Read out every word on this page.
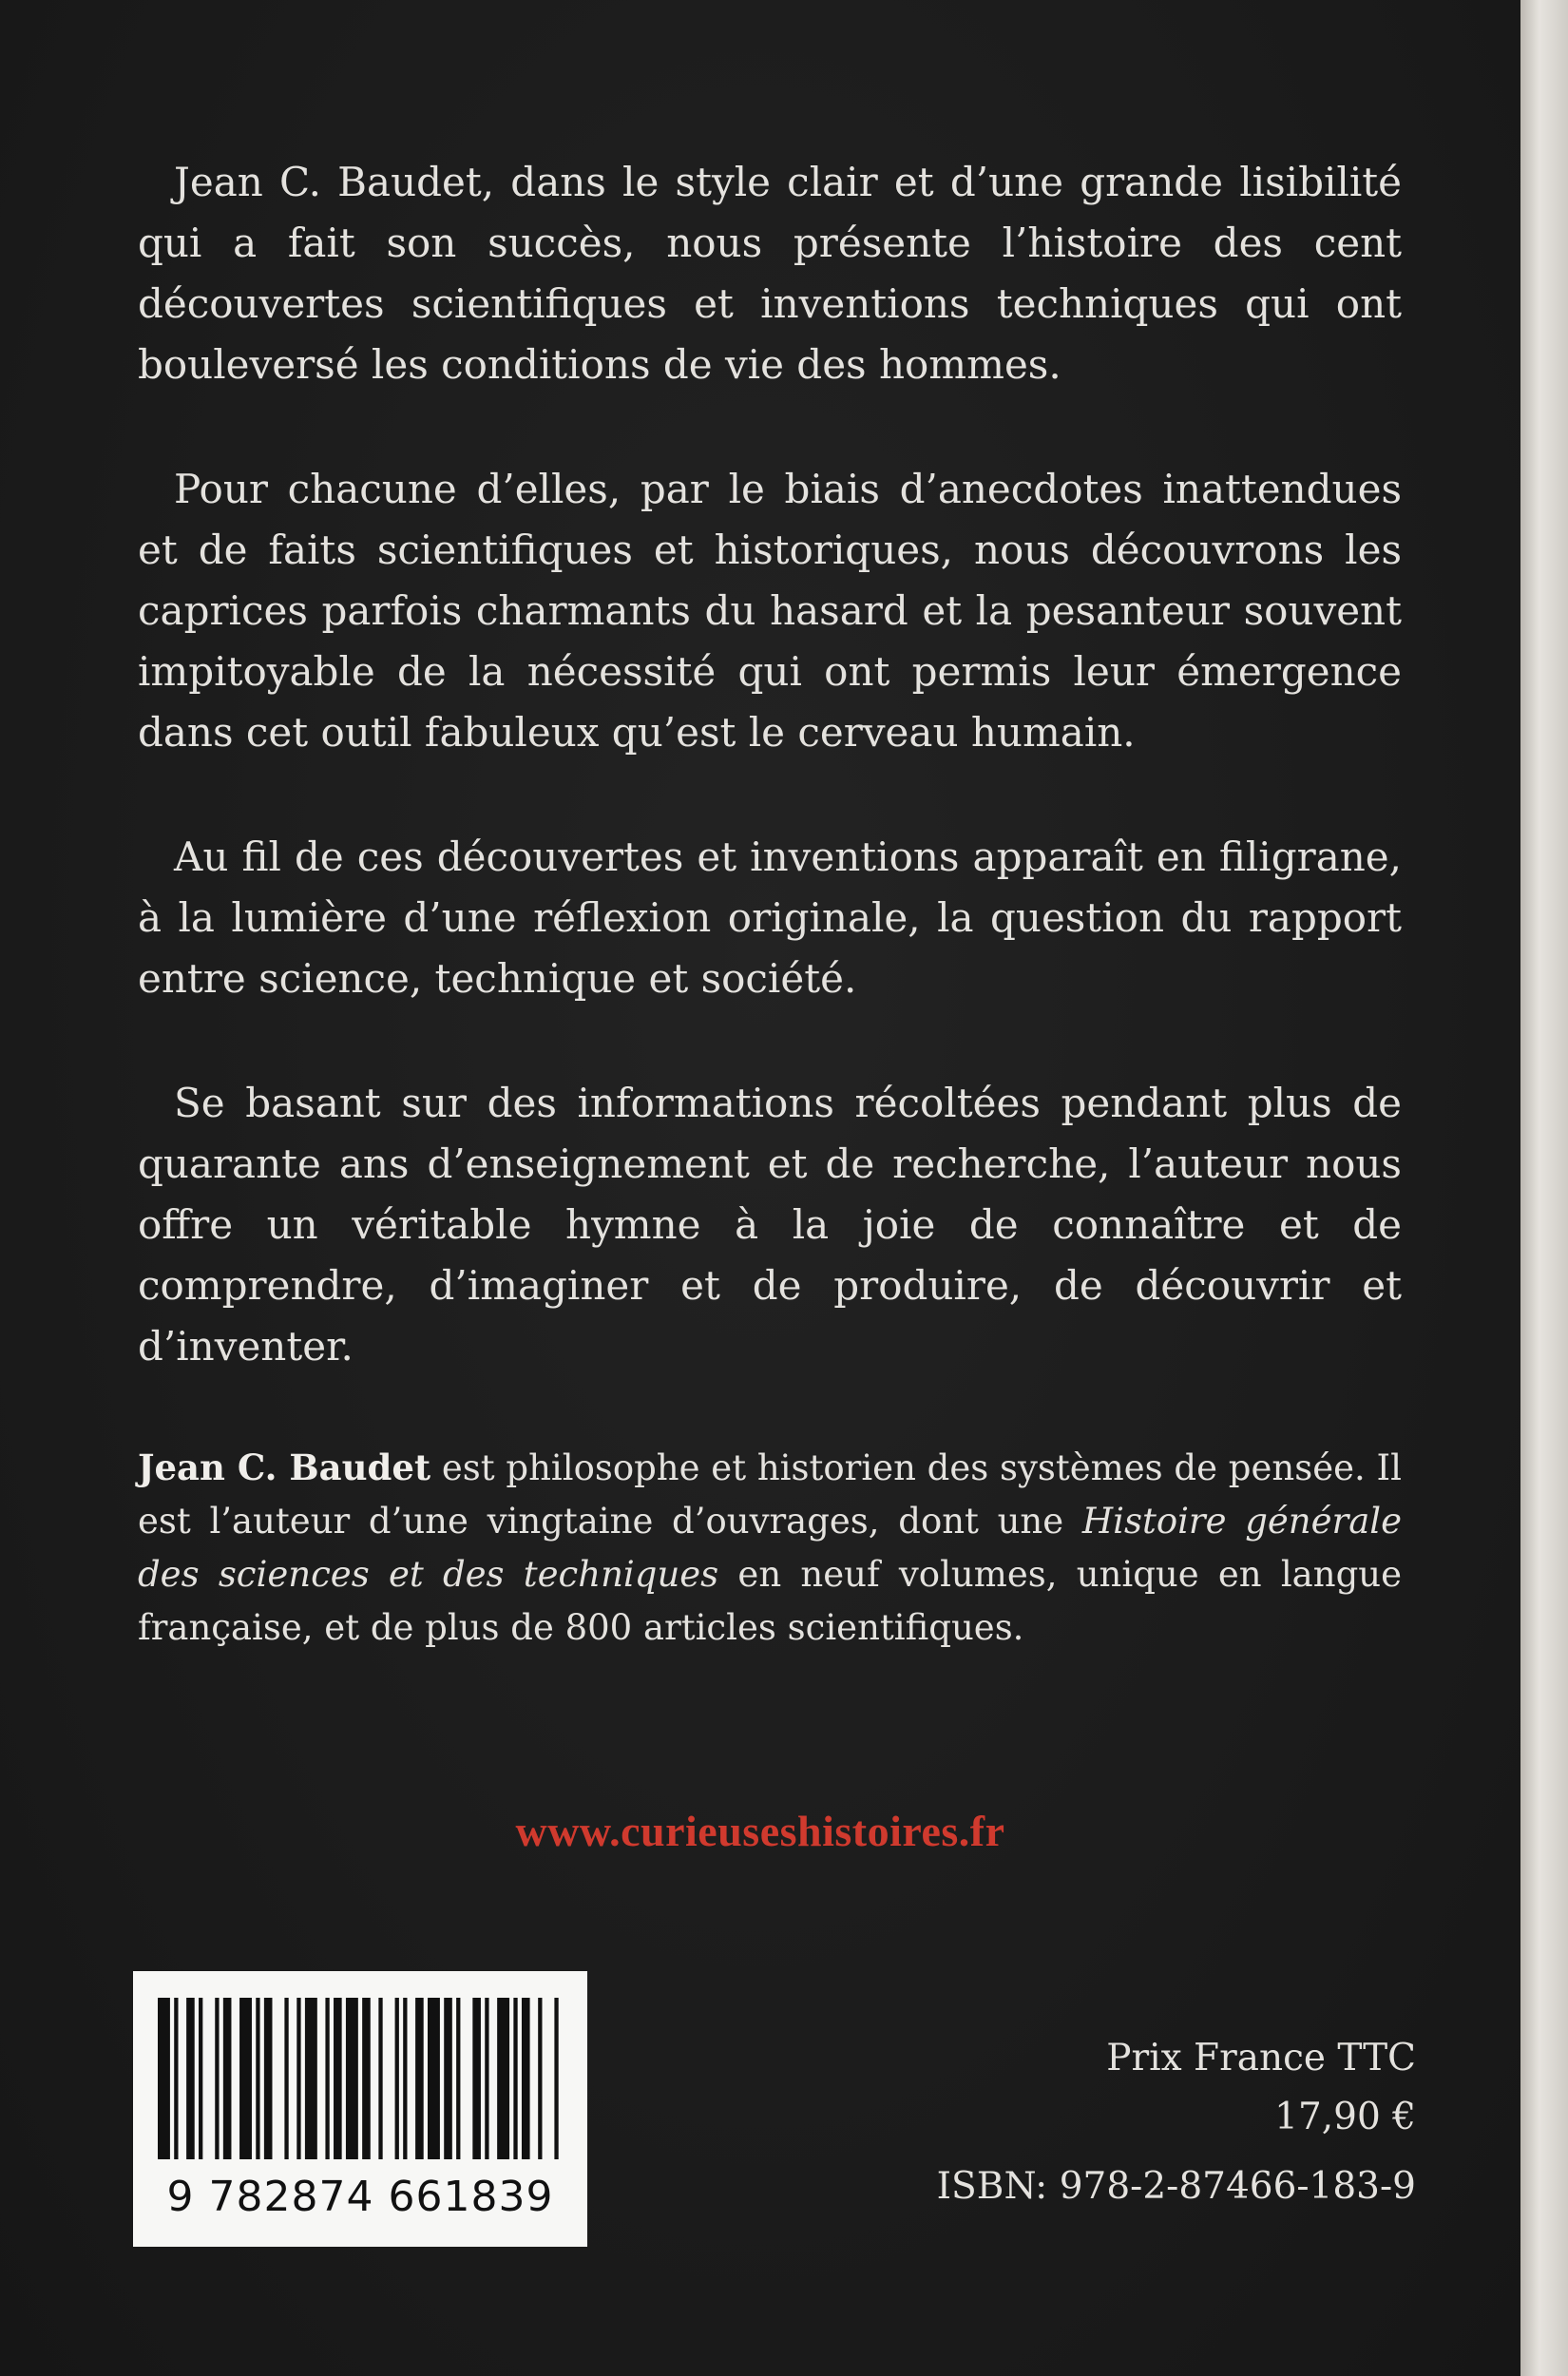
Jean C. Baudet, dans le style clair et d’une grande lisibilité qui a fait son succès, nous présente l’histoire des cent découvertes scientifiques et inventions techniques qui ont bouleversé les conditions de vie des hommes.

Pour chacune d’elles, par le biais d’anecdotes inattendues et de faits scientifiques et historiques, nous découvrons les caprices parfois charmants du hasard et la pesanteur souvent impitoyable de la nécessité qui ont permis leur émergence dans cet outil fabuleux qu’est le cerveau humain.

Au fil de ces découvertes et inventions apparaît en filigrane, à la lumière d’une réflexion originale, la question du rapport entre science, technique et société.

Se basant sur des informations récoltées pendant plus de quarante ans d’enseignement et de recherche, l’auteur nous offre un véritable hymne à la joie de connaître et de comprendre, d’imaginer et de produire, de découvrir et d’inventer.

Jean C. Baudet est philosophe et historien des systèmes de pensée. Il est l’auteur d’une vingtaine d’ouvrages, dont une Histoire générale des sciences et des techniques en neuf volumes, unique en langue française, et de plus de 800 articles scientifiques.

www.curieuseshistoires.fr
9 782874 661839
Prix France TTC
17,90 €
ISBN: 978-2-87466-183-9
